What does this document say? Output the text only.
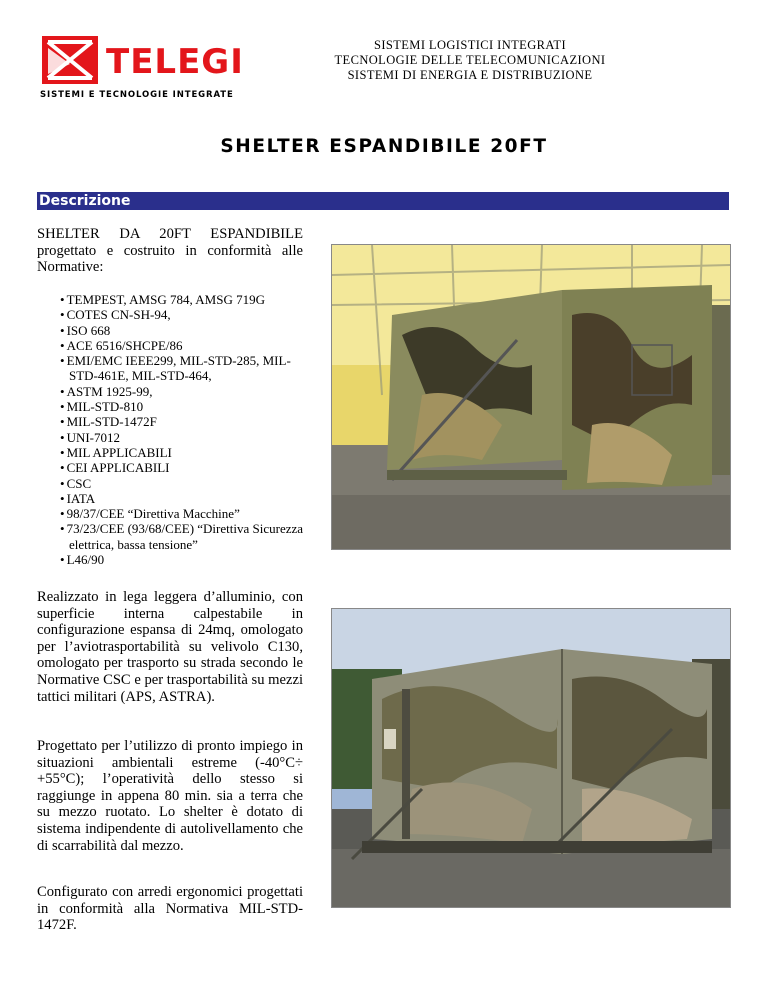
TELEGI
SISTEMI E TECNOLOGIE INTEGRATE
SISTEMI LOGISTICI INTEGRATI
TECNOLOGIE DELLE TELECOMUNICAZIONI
SISTEMI DI ENERGIA E DISTRIBUZIONE
SHELTER ESPANDIBILE 20FT
Descrizione
SHELTER DA 20FT ESPANDIBILE progettato e costruito in conformità alle Normative:
• TEMPEST, AMSG 784, AMSG 719G
• COTES CN-SH-94,
• ISO 668
• ACE 6516/SHCPE/86
• EMI/EMC IEEE299, MIL-STD-285, MIL-STD-461E, MIL-STD-464,
• ASTM 1925-99,
• MIL-STD-810
• MIL-STD-1472F
• UNI-7012
• MIL APPLICABILI
• CEI APPLICABILI
• CSC
• IATA
• 98/37/CEE “Direttiva Macchine”
• 73/23/CEE (93/68/CEE) “Direttiva Sicurezza elettrica, bassa tensione”
• L46/90
Realizzato in lega leggera d’alluminio, con superficie interna calpestabile in configurazione espansa di 24mq, omologato per l’aviotrasportabilità su velivolo C130, omologato per trasporto su strada secondo le Normative CSC e per trasportabilità su mezzi tattici militari (APS, ASTRA).
Progettato per l’utilizzo di pronto impiego in situazioni ambientali estreme (-40°C÷ +55°C); l’operatività dello stesso si raggiunge in appena 80 min. sia a terra che su mezzo ruotato. Lo shelter è dotato di sistema indipendente di autolivellamento che di scarrabilità dal mezzo.
Configurato con arredi ergonomici progettati in conformità alla Normativa MIL-STD-1472F.
